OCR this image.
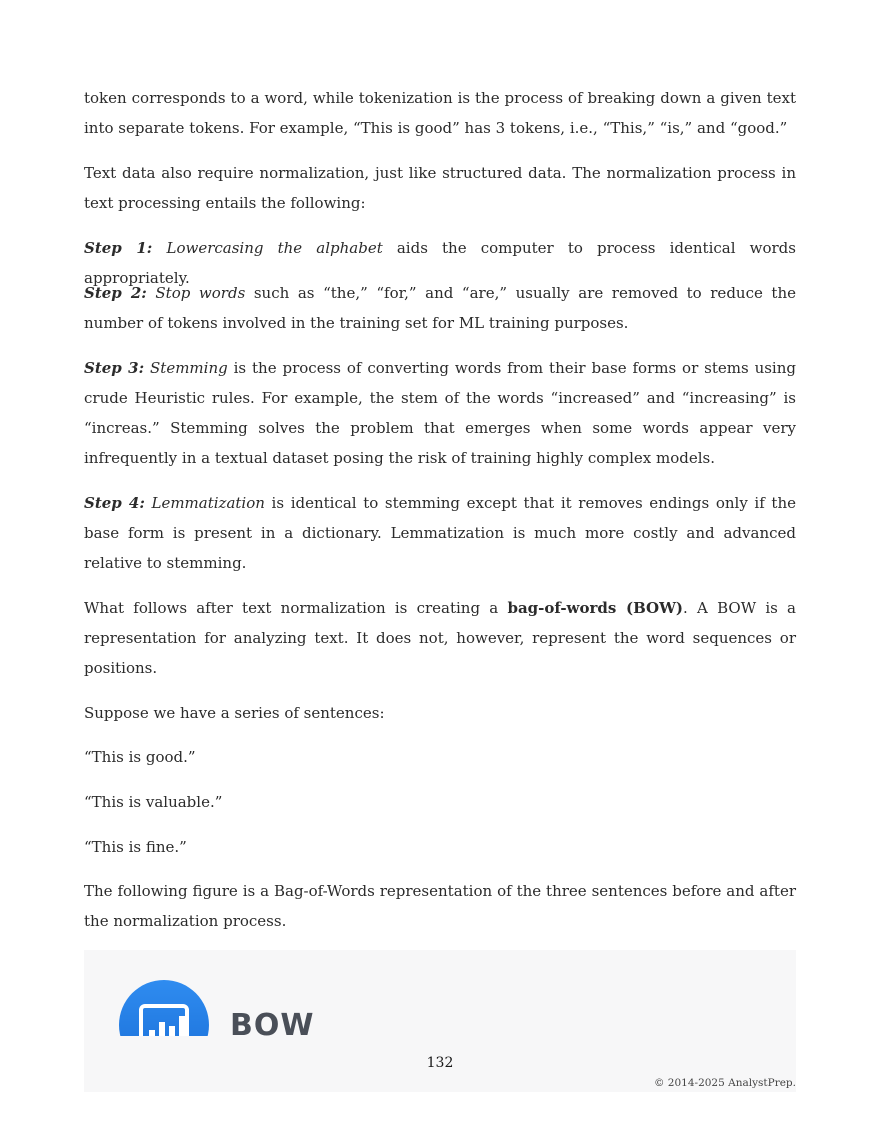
token corresponds to a word, while tokenization is the process of breaking down a given text into separate tokens. For example, “This is good” has 3 tokens, i.e., “This,” “is,” and “good.”

Text data also require normalization, just like structured data. The normalization process in text processing entails the following:

Step 1: Lowercasing the alphabet aids the computer to process identical words appropriately.

Step 2: Stop words such as “the,” “for,” and “are,” usually are removed to reduce the number of tokens involved in the training set for ML training purposes.

Step 3: Stemming is the process of converting words from their base forms or stems using crude Heuristic rules. For example, the stem of the words “increased” and “increasing” is “increas.” Stemming solves the problem that emerges when some words appear very infrequently in a textual dataset posing the risk of training highly complex models.

Step 4: Lemmatization is identical to stemming except that it removes endings only if the base form is present in a dictionary. Lemmatization is much more costly and advanced relative to stemming.

What follows after text normalization is creating a bag-of-words (BOW). A BOW is a representation for analyzing text. It does not, however, represent the word sequences or positions.

Suppose we have a series of sentences:

“This is good.”

“This is valuable.”

“This is fine.”

The following figure is a Bag-of-Words representation of the three sentences before and after the normalization process.

BOW
132
© 2014-2025 AnalystPrep.
